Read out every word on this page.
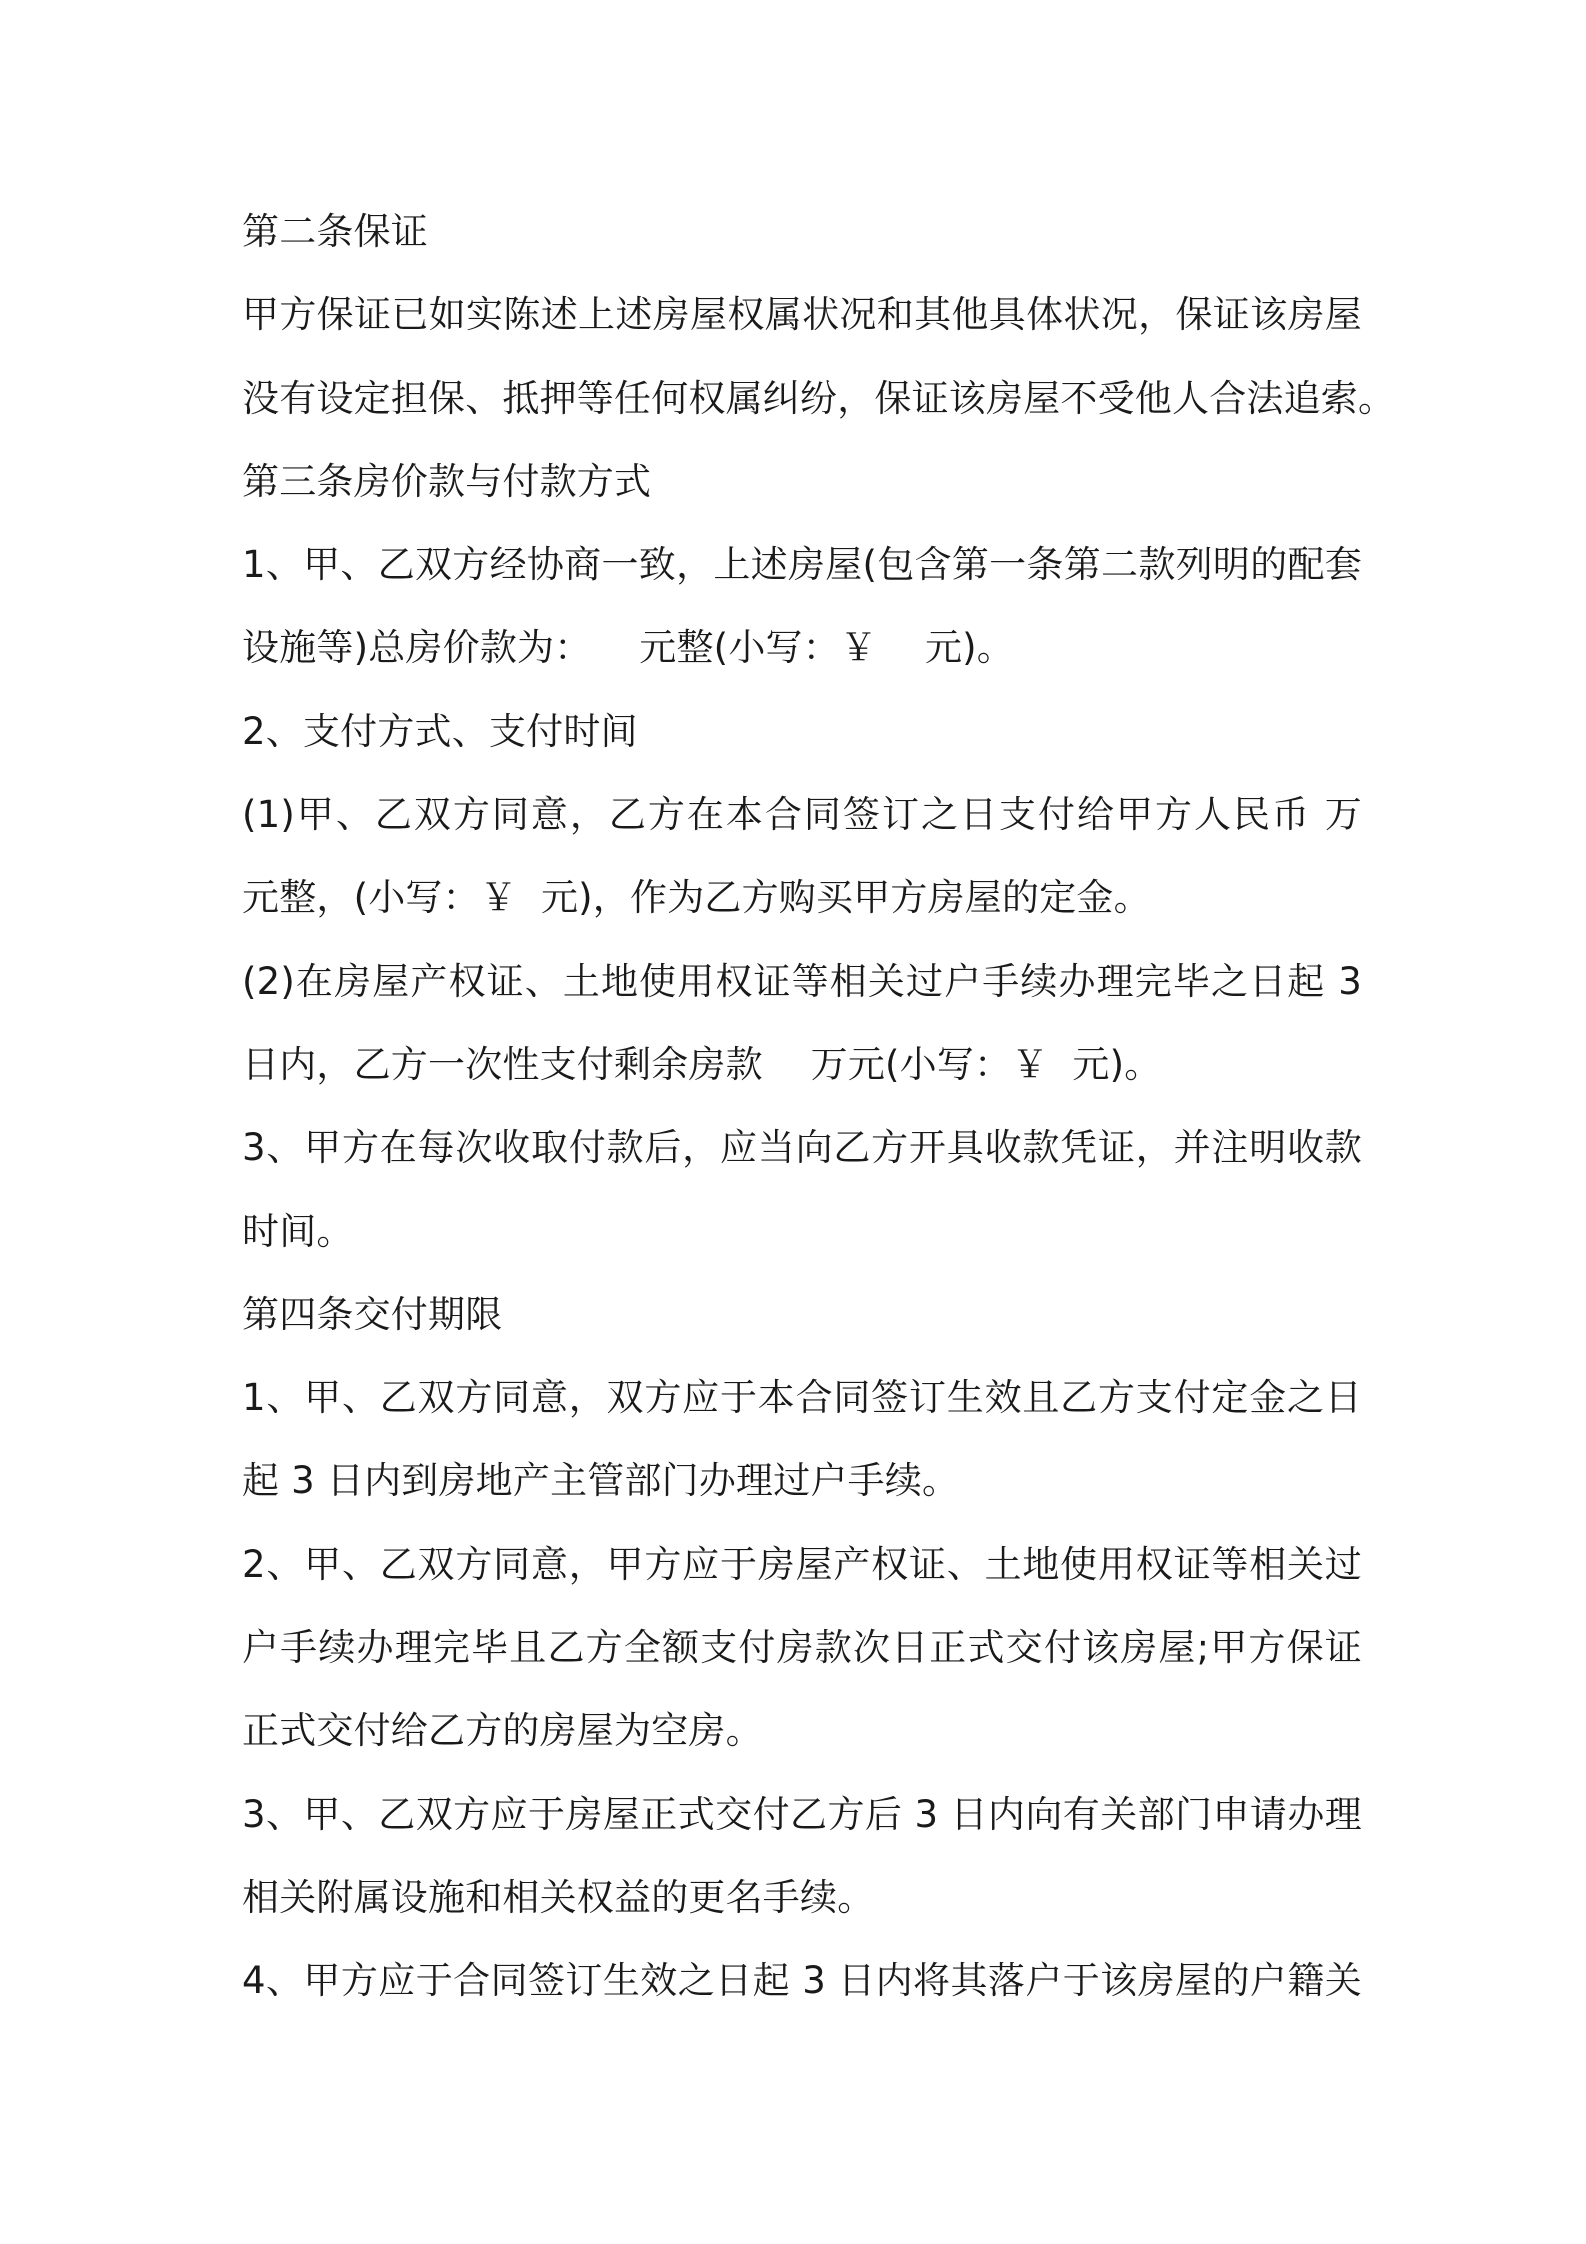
第二条保证
甲方保证已如实陈述上述房屋权属状况和其他具体状况，保证该房屋
没有设定担保、抵押等任何权属纠纷，保证该房屋不受他人合法追索。
第三条房价款与付款方式
1、甲、乙双方经协商一致，上述房屋(包含第一条第二款列明的配套
设施等)总房价款为：    元整(小写：￥    元)。
2、支付方式、支付时间
(1)甲、乙双方同意，乙方在本合同签订之日支付给甲方人民币 万
元整，(小写：￥  元)，作为乙方购买甲方房屋的定金。
(2)在房屋产权证、土地使用权证等相关过户手续办理完毕之日起 3
日内，乙方一次性支付剩余房款    万元(小写：￥  元)。
3、甲方在每次收取付款后，应当向乙方开具收款凭证，并注明收款
时间。
第四条交付期限
1、甲、乙双方同意，双方应于本合同签订生效且乙方支付定金之日
起 3 日内到房地产主管部门办理过户手续。
2、甲、乙双方同意，甲方应于房屋产权证、土地使用权证等相关过
户手续办理完毕且乙方全额支付房款次日正式交付该房屋;甲方保证
正式交付给乙方的房屋为空房。
3、甲、乙双方应于房屋正式交付乙方后 3 日内向有关部门申请办理
相关附属设施和相关权益的更名手续。
4、甲方应于合同签订生效之日起 3 日内将其落户于该房屋的户籍关
